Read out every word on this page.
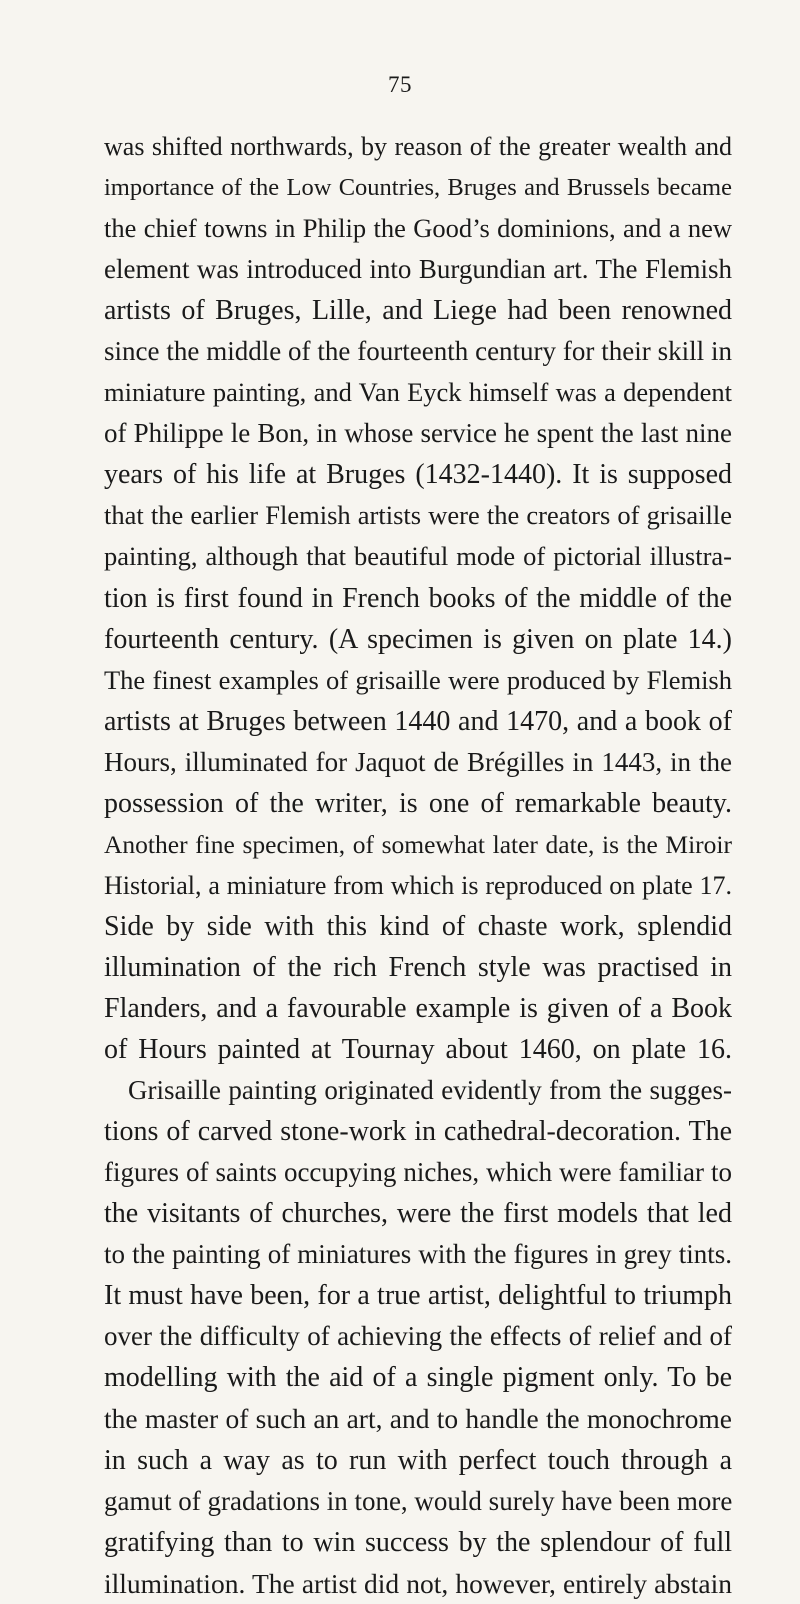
75
was shifted northwards, by reason of the greater wealth and
importance of the Low Countries, Bruges and Brussels became
the chief towns in Philip the Good’s dominions, and a new
element was introduced into Burgundian art. The Flemish
artists of Bruges, Lille, and Liege had been renowned
since the middle of the fourteenth century for their skill in
miniature painting, and Van Eyck himself was a dependent
of Philippe le Bon, in whose service he spent the last nine
years of his life at Bruges (1432-1440). It is supposed
that the earlier Flemish artists were the creators of grisaille
painting, although that beautiful mode of pictorial illustra-
tion is first found in French books of the middle of the
fourteenth century. (A specimen is given on plate 14.)
The finest examples of grisaille were produced by Flemish
artists at Bruges between 1440 and 1470, and a book of
Hours, illuminated for Jaquot de Brégilles in 1443, in the
possession of the writer, is one of remarkable beauty.
Another fine specimen, of somewhat later date, is the Miroir
Historial, a miniature from which is reproduced on plate 17.
Side by side with this kind of chaste work, splendid
illumination of the rich French style was practised in
Flanders, and a favourable example is given of a Book
of Hours painted at Tournay about 1460, on plate 16.
Grisaille painting originated evidently from the sugges-
tions of carved stone-work in cathedral-decoration. The
figures of saints occupying niches, which were familiar to
the visitants of churches, were the first models that led
to the painting of miniatures with the figures in grey tints.
It must have been, for a true artist, delightful to triumph
over the difficulty of achieving the effects of relief and of
modelling with the aid of a single pigment only. To be
the master of such an art, and to handle the monochrome
in such a way as to run with perfect touch through a
gamut of gradations in tone, would surely have been more
gratifying than to win success by the splendour of full
illumination. The artist did not, however, entirely abstain
